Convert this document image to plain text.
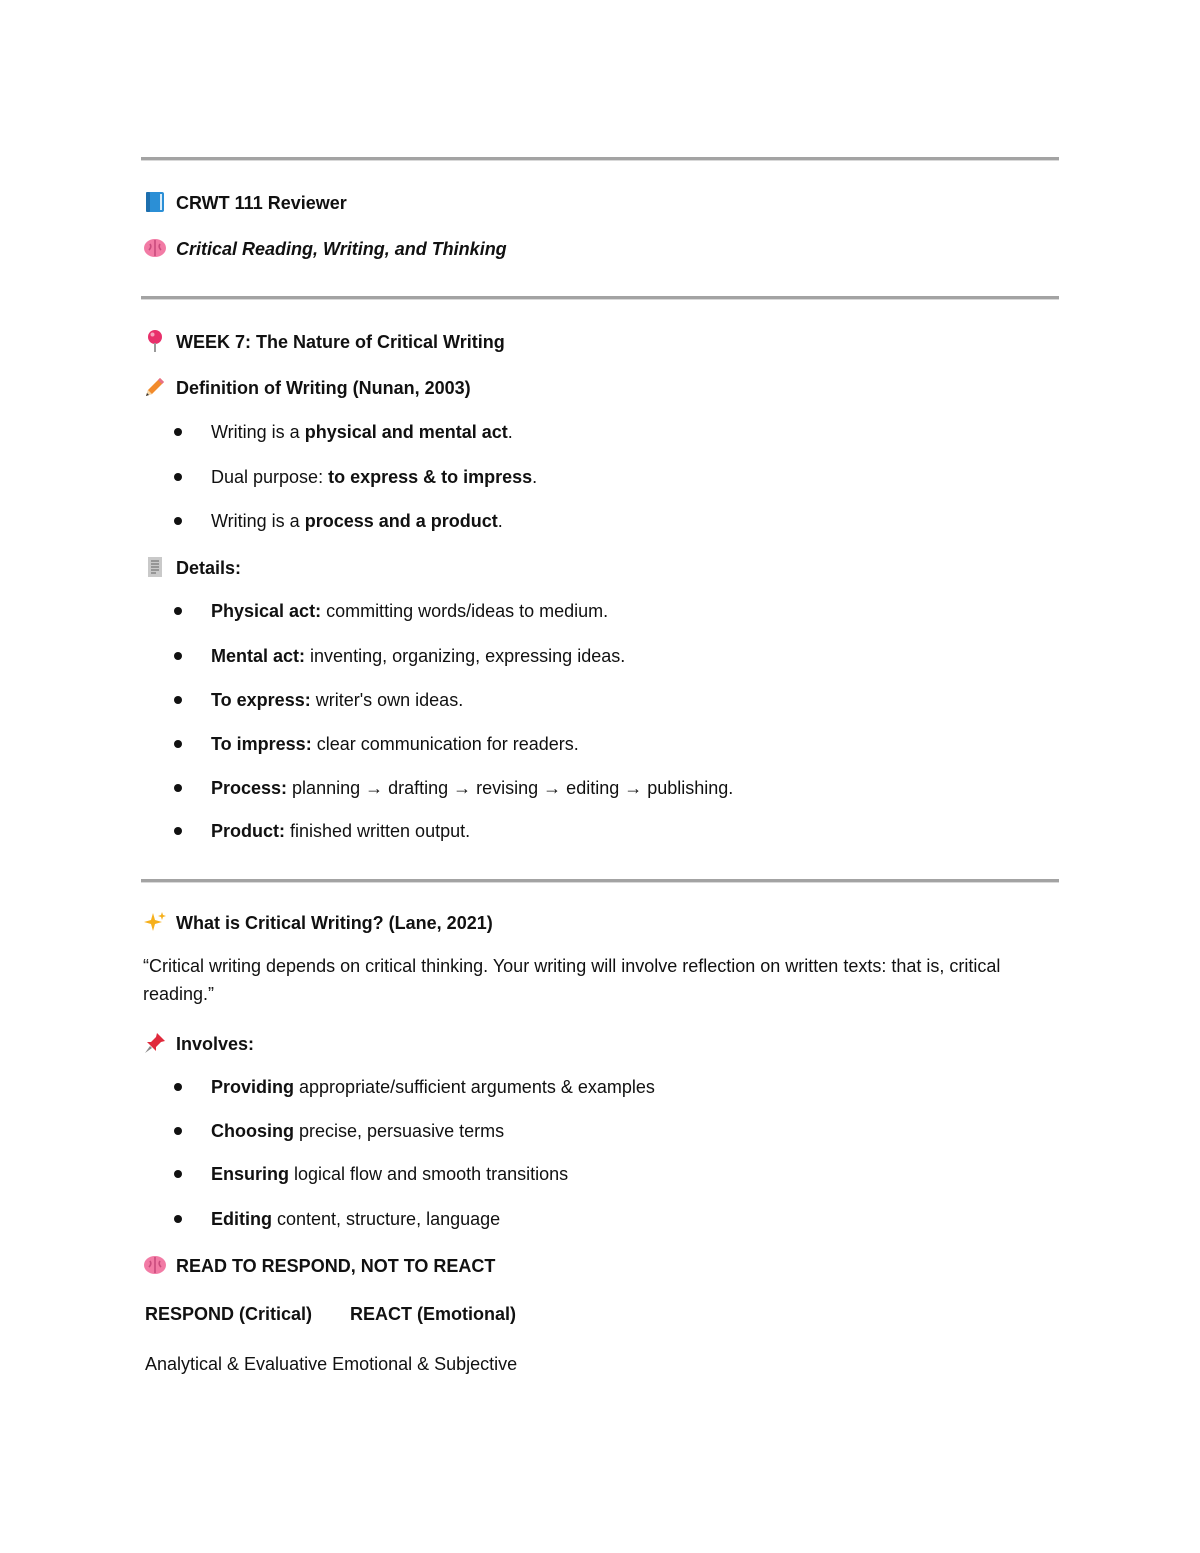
CRWT 111 Reviewer
Critical Reading, Writing, and Thinking
WEEK 7: The Nature of Critical Writing
Definition of Writing (Nunan, 2003)
Writing is a physical and mental act.
Dual purpose: to express & to impress.
Writing is a process and a product.
Details:
Physical act: committing words/ideas to medium.
Mental act: inventing, organizing, expressing ideas.
To express: writer's own ideas.
To impress: clear communication for readers.
Process: planning → drafting → revising → editing → publishing.
Product: finished written output.
What is Critical Writing? (Lane, 2021)
“Critical writing depends on critical thinking. Your writing will involve reflection on written texts: that is, critical reading.”
Involves:
Providing appropriate/sufficient arguments & examples
Choosing precise, persuasive terms
Ensuring logical flow and smooth transitions
Editing content, structure, language
READ TO RESPOND, NOT TO REACT
RESPOND (Critical) REACT (Emotional)
Analytical & Evaluative Emotional & Subjective
